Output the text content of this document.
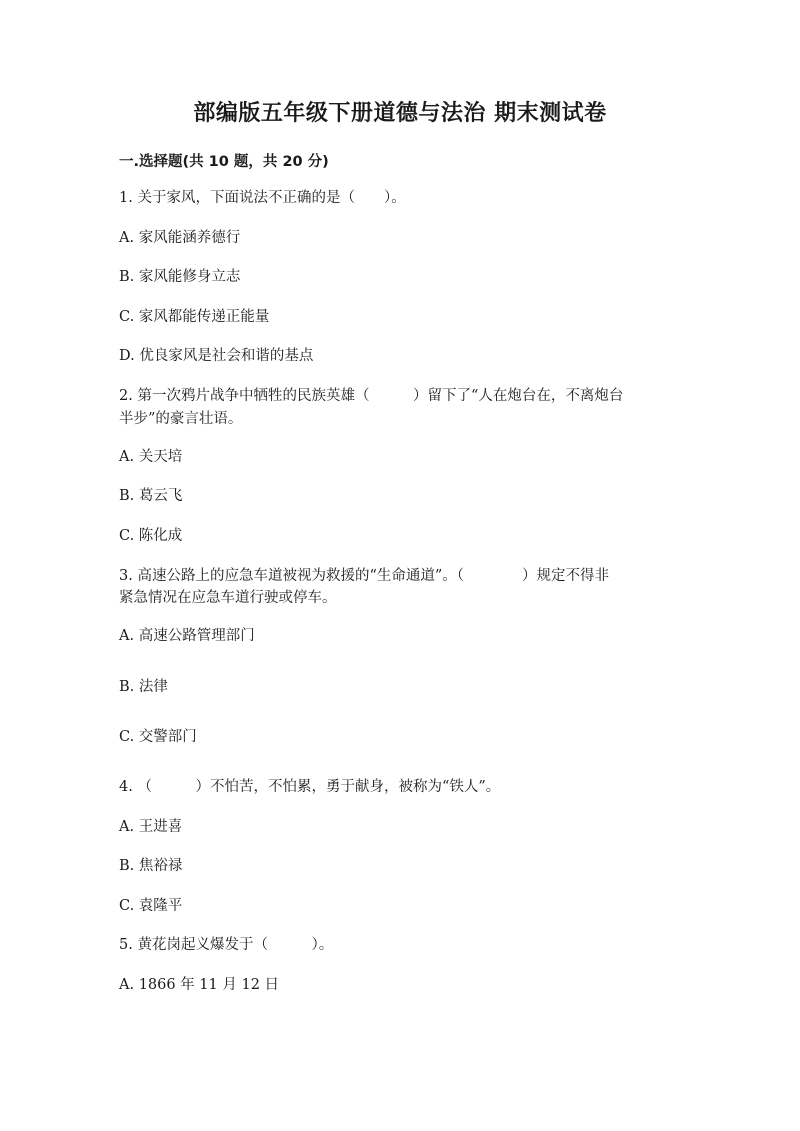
部编版五年级下册道德与法治 期末测试卷
一.选择题(共 10 题，共 20 分)
1. 关于家风，下面说法不正确的是（　　）。
A. 家风能涵养德行
B. 家风能修身立志
C. 家风都能传递正能量
D. 优良家风是社会和谐的基点
2. 第一次鸦片战争中牺牲的民族英雄（　　　）留下了“人在炮台在，不离炮台
半步”的豪言壮语。
A. 关天培
B. 葛云飞
C. 陈化成
3. 高速公路上的应急车道被视为救援的“生命通道”。（　　　　）规定不得非
紧急情况在应急车道行驶或停车。
A. 高速公路管理部门
B. 法律
C. 交警部门
4. （　　　）不怕苦，不怕累，勇于献身，被称为“铁人”。
A. 王进喜
B. 焦裕禄
C. 袁隆平
5. 黄花岗起义爆发于（　　　）。
A. 1866 年 11 月 12 日
